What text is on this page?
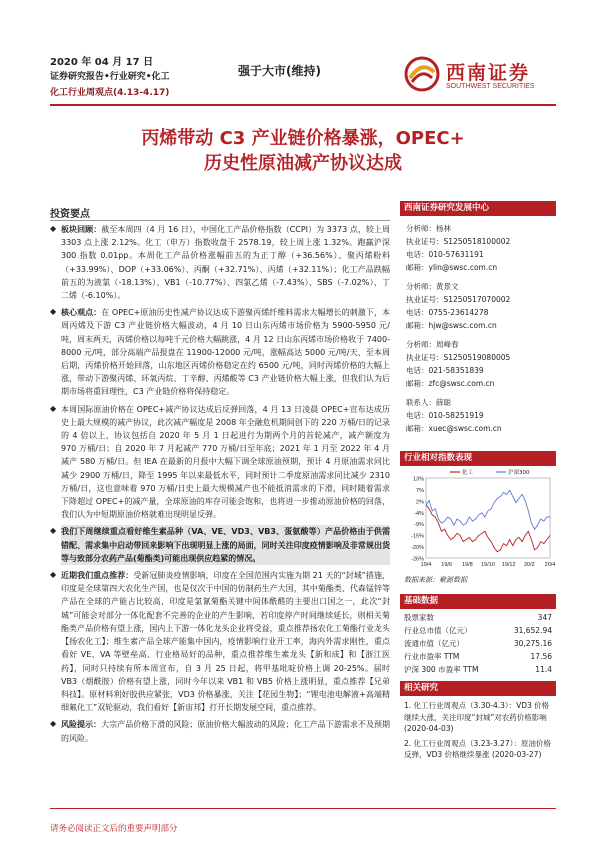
2020 年 04 月 17 日
证券研究报告•行业研究•化工
化工行业周观点(4.13-4.17)
强于大市(维持)	西南证券
SOUTHWEST SECURITIES
丙烯带动 C3 产业链价格暴涨，OPEC+
历史性原油减产协议达成
投资要点
◆ 板块回顾：截至本周四（4 月 16 日），中国化工产品价格指数（CCPI）为 3373 点，较上周 3303 点上涨 2.12%。化工（申万）指数收盘于 2578.19，较上周上涨 1.32%。跑赢沪深 300 指数 0.01pp。本周化工产品价格涨幅前五的为正丁醇（+36.56%）、聚丙烯粉料（+33.99%）、DOP（+33.06%）、丙酮（+32.71%）、丙烯（+32.11%）；化工产品跌幅前五的为液氯（-18.13%）、VB1（-10.77%）、四氯乙烯（-7.43%）、SBS（-7.02%）、丁二烯（-6.10%）。
◆ 核心观点：在 OPEC+原油历史性减产协议达成下游聚丙烯纤维料需求大幅增长的刺激下，本周丙烯及下游 C3 产业链价格大幅波动，4 月 10 日山东丙烯市场价格为 5900-5950 元/吨，周末两天，丙烯价格以每吨千元价格大幅跳涨，4 月 12 日山东丙烯市场价格收于 7400-8000 元/吨，部分高端产品报盘在 11900-12000 元/吨，涨幅高达 5000 元/吨/天，至本周后期，丙烯价格开始回落，山东地区丙烯价格稳定在约 6500 元/吨，同时丙烯价格的大幅上涨，带动下游聚丙烯、环氧丙烷、丁辛醇、丙烯酸等 C3 产业链价格大幅上涨，但我们认为后期市场将重回理性，C3 产业链价格将保持稳定。
◆ 本周国际原油价格在 OPEC+减产协议达成后反弹回落，4 月 13 日凌晨 OPEC+宣布达成历史上最大规模的减产协议，此次减产幅度是 2008 年全融危机期间创下的 220 万桶/日的记录的 4 倍以上，协议包括自 2020 年 5 月 1 日起进行为期两个月的首轮减产，减产额度为 970 万桶/日；自 2020 年 7 月起减产 770 万桶/日至年底；2021 年 1 月至 2022 年 4 月减产 580 万桶/日。但 IEA 在最新的月报中大幅下调全球原油预期，预计 4 月原油需求同比减少 2900 万桶/日，降至 1995 年以来最低水平，同时预计二季度原油需求同比减少 2310 万桶/日，这也意味着 970 万桶/日史上最大规模减产也不能抵消需求的下滑，同时随着需求下降超过 OPEC+的减产量，全球原油的库存可能会饱和，也将进一步推动原油价格的回落，我们认为中短期原油价格就难出现明显反弹。
◆ 我们下周继续重点看好维生素品种（VA、VE、VD3、VB3、蛋氨酸等）产品价格由于供需错配、需求集中启动带回来影响下出现明显上涨的局面，同时关注印度疫情影响及非常规出货等与致部分农药产品(菊酯类)可能出现供应趋紧的情况。
◆ 近期我们重点推荐：受新冠肺炎疫情影响，印度在全国范围内实施为期 21 天的“封城”措施，印度是全球第四大农化生产国，也是仅次于中国的仿制药生产大国，其中菊酯类、代森锰锌等产品在全球的产能占比较高，印度是氯氰菊酯关键中间体酰醛的主要出口国之一，此次“封城”可能会对部分一体化配套不完善的企业的产生影响，若印度停产时间继续延长，则相关菊酯类产品价格有望上涨，国内上下游一体化龙头企业将受益，重点推荐扬农化工菊酯行业龙头【扬农化工】；维生素产品全球产能集中国内，疫情影响行业开工率，海内外需求刚性，重点看好 VE、VA 等壁垒高、行业格局好的品种，重点推荐维生素龙头【新和成】和【浙江医药】，同时只持续有所本周宣布，自 3 月 25 日起，将甲基吡啶价格上调 20-25%。届时 VB3（烟酰胺）价格有望上涨，同时今年以来 VB1 和 VB5 价格上涨明显，重点推荐【兄弟科技】。原材料利好胶供应紧张，VD3 价格暴涨，关注【花园生物】；“锂电池电解液+高端精细氟化工”双轮驱动，我们看好【新宙邦】打开长期发展空间，重点推荐。
◆ 风险提示：大宗产品价格下滑的风险；原油价格大幅波动的风险；化工产品下游需求不及预期的风险。
西南证券研究发展中心
分析师：杨林
执业证号：S1250518100002
电话：010-57631191
邮箱：ylin@swsc.com.cn
分析师：黄景文
执业证号：S1250517070002
电话：0755-23614278
邮箱：hjw@swsc.com.cn
分析师：周峰春
执业证号：S1250519080005
电话：021-58351839
邮箱：zfc@swsc.com.cn
联系人：薛聪
电话：010-58251919
邮箱：xuec@swsc.com.cn
行业相对指数表现
13%
7%
2%
-4%
-9%
-15%
-20%
-26%
19/4 19/6 19/8 19/10 19/12 20/2 20/4
化工	沪深300
数据来源：聚源数据
基础数据
股票家数	347
行业总市值（亿元）	31,652.94
流通市值（亿元）	30,275.16
行业市盈率 TTM	17.56
沪深 300 市盈率 TTM	11.4
相关研究
1. 化工行业周观点（3.30-4.3）：VD3 价格继续大涨，关注印度“封城”对农药价格影响 (2020-04-03)
2. 化工行业周观点（3.23-3.27）：原油价格反弹，VD3 价格继续暴涨 (2020-03-27)
请务必阅读正文后的重要声明部分
